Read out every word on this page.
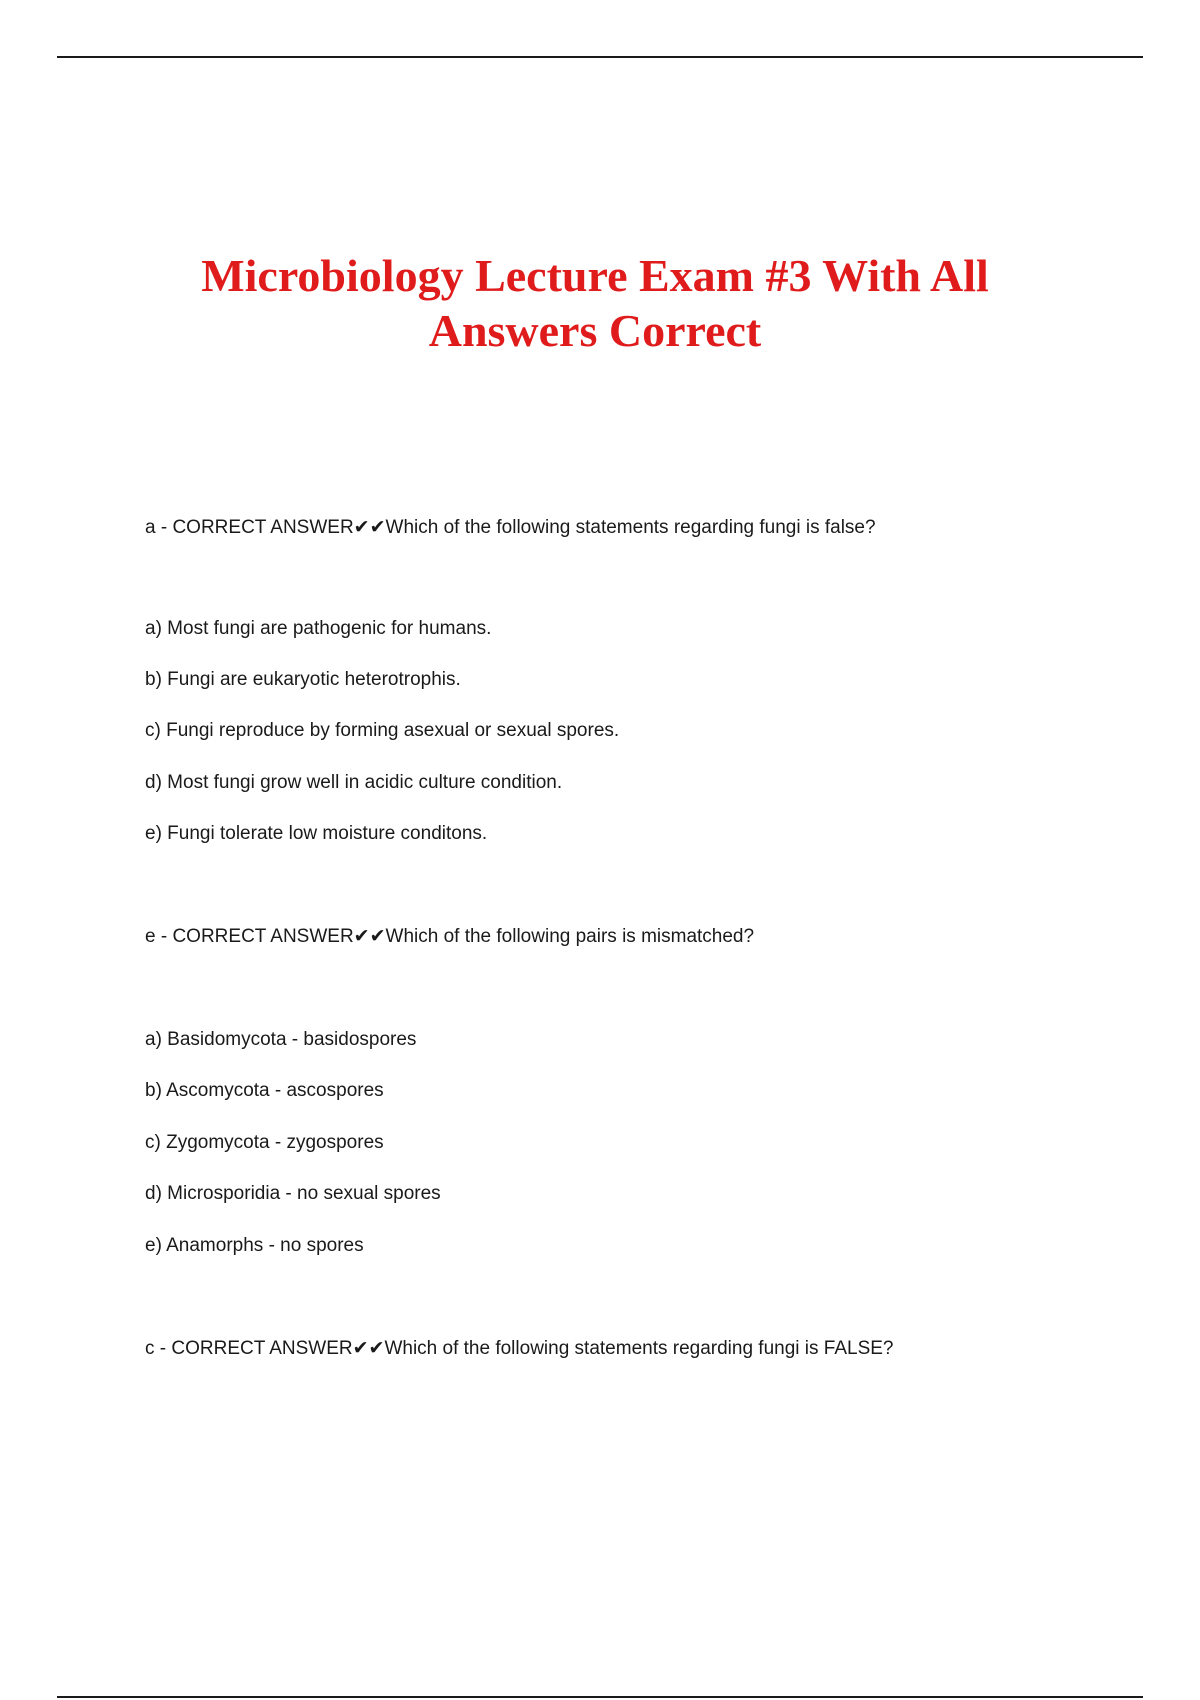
Microbiology Lecture Exam #3 With All
Answers Correct

a - CORRECT ANSWER✔✔Which of the following statements regarding fungi is false?

a) Most fungi are pathogenic for humans.

b) Fungi are eukaryotic heterotrophis.

c) Fungi reproduce by forming asexual or sexual spores.

d) Most fungi grow well in acidic culture condition.

e) Fungi tolerate low moisture conditons.

e - CORRECT ANSWER✔✔Which of the following pairs is mismatched?

a) Basidomycota - basidospores

b) Ascomycota - ascospores

c) Zygomycota - zygospores

d) Microsporidia - no sexual spores

e) Anamorphs - no spores

c - CORRECT ANSWER✔✔Which of the following statements regarding fungi is FALSE?
